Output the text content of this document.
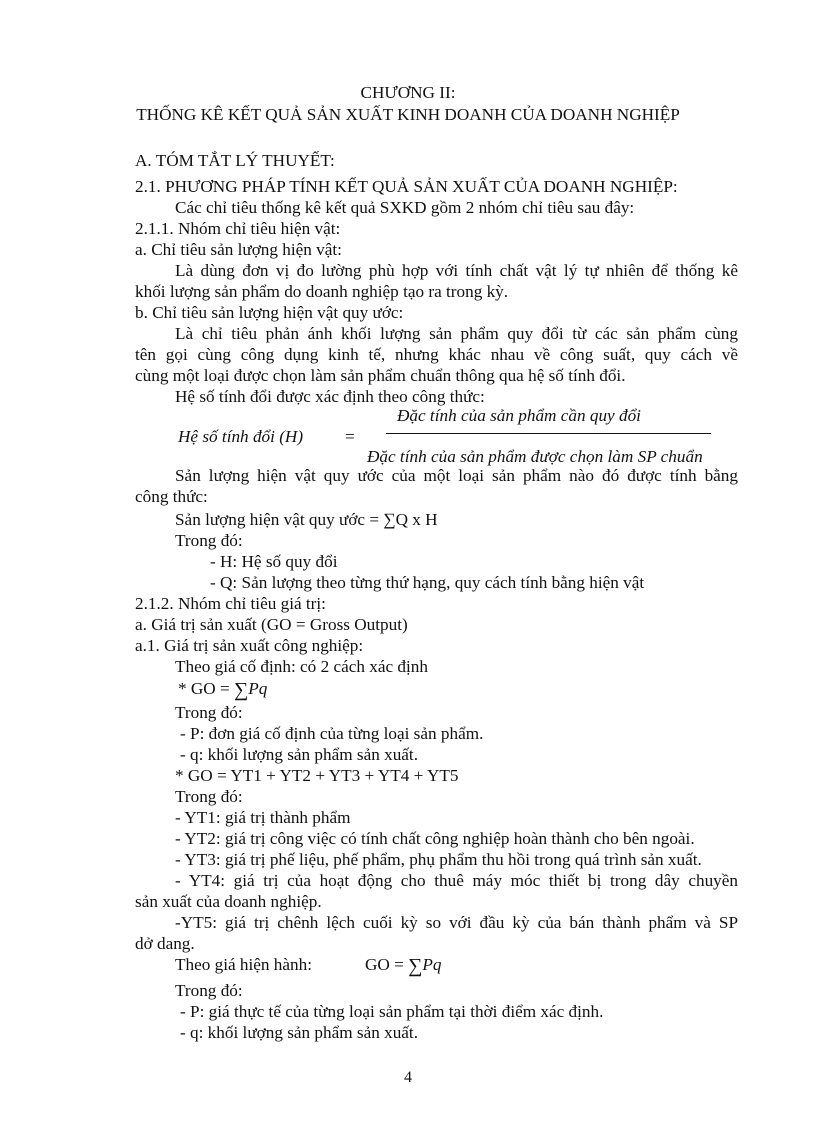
CHƯƠNG II:
THỐNG KÊ KẾT QUẢ SẢN XUẤT KINH DOANH CỦA DOANH NGHIỆP
A. TÓM TẮT LÝ THUYẾT:
2.1. PHƯƠNG PHÁP TÍNH KẾT QUẢ SẢN XUẤT CỦA DOANH NGHIỆP:
Các chỉ tiêu thống kê kết quả SXKD gồm 2 nhóm chỉ tiêu sau đây:
2.1.1. Nhóm chỉ tiêu hiện vật:
a. Chỉ tiêu sản lượng hiện vật:
Là dùng đơn vị đo lường phù hợp với tính chất vật lý tự nhiên để thống kê
khối lượng sản phẩm do doanh nghiệp tạo ra trong kỳ.
b. Chỉ tiêu sản lượng hiện vật quy ước:
Là chỉ tiêu phản ánh khối lượng sản phẩm quy đổi từ các sản phẩm cùng
tên gọi cùng công dụng kinh tế, nhưng khác nhau về công suất, quy cách về
cùng một loại được chọn làm sản phẩm chuẩn thông qua hệ số tính đổi.
Hệ số tính đổi được xác định theo công thức:
Đặc tính của sản phẩm cần quy đổi
Hệ số tính đổi (H) =
Đặc tính của sản phẩm được chọn làm SP chuẩn
Sản lượng hiện vật quy ước của một loại sản phẩm nào đó được tính bằng
công thức:
Sản lượng hiện vật quy ước = ∑Q x H
Trong đó:
- H: Hệ số quy đổi
- Q: Sản lượng theo từng thứ hạng, quy cách tính bằng hiện vật
2.1.2. Nhóm chỉ tiêu giá trị:
a. Giá trị sản xuất (GO = Gross Output)
a.1. Giá trị sản xuất công nghiệp:
Theo giá cố định: có 2 cách xác định
* GO = ∑Pq
Trong đó:
- P: đơn giá cố định của từng loại sản phẩm.
- q: khối lượng sản phẩm sản xuất.
* GO = YT1 + YT2 + YT3 + YT4 + YT5
Trong đó:
- YT1: giá trị thành phẩm
- YT2: giá trị công việc có tính chất công nghiệp hoàn thành cho bên ngoài.
- YT3: giá trị phế liệu, phế phẩm, phụ phẩm thu hồi trong quá trình sản xuất.
- YT4: giá trị của hoạt động cho thuê máy móc thiết bị trong dây chuyền
sản xuất của doanh nghiệp.
-YT5: giá trị chênh lệch cuối kỳ so với đầu kỳ của bán thành phẩm và SP
dở dang.
Theo giá hiện hành:	GO = ∑Pq
Trong đó:
- P: giá thực tế của từng loại sản phẩm tại thời điểm xác định.
- q: khối lượng sản phẩm sản xuất.
4
